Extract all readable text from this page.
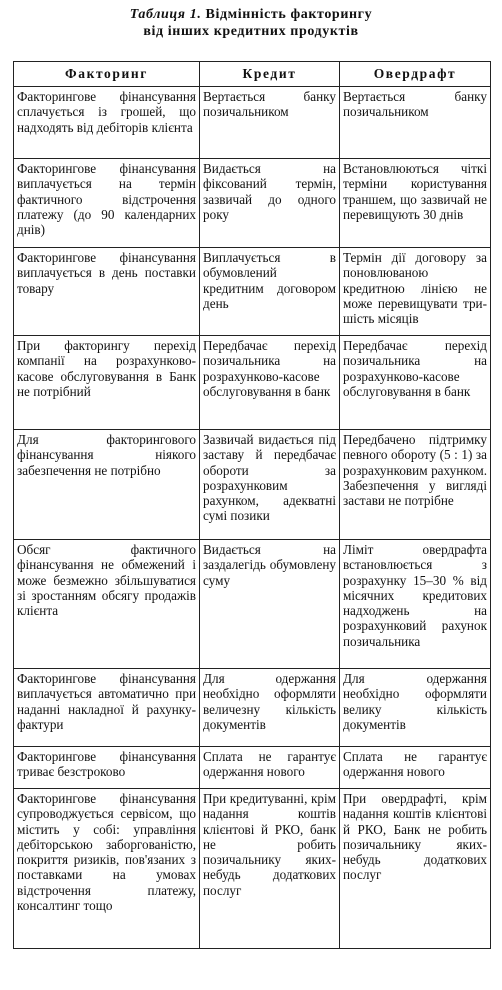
Таблиця 1. Відмінність факторингу
від інших кредитних продуктів
Факторинг	Кредит	Овердрафт
Факторингове фінансування сплачується із грошей, що надходять від дебіторів клієнта	Вертається банку позичальником	Вертається банку позичальником
Факторингове фінансування виплачується на термін фактичного відстрочення платежу (до 90 календарних днів)	Видається на фіксований термін, зазвичай до одного року	Встановлюються чіткі терміни користування траншем, що зазвичай не перевищують 30 днів
Факторингове фінансування виплачується в день поставки товару	Виплачується в обумовлений кредитним договором день	Термін дії договору за поновлюваною кредитною лінією не може перевищувати три-шість місяців
При факторингу перехід компанії на розрахунково-касове обслуговування в Банк не потрібний	Передбачає перехід позичальника на розрахунково-касове обслуговування в банк	Передбачає перехід позичальника на розрахунково-касове обслуговування в банк
Для факторингового фінансування ніякого забезпечення не потрібно	Зазвичай видається під заставу й передбачає обороти за розрахунковим рахунком, адекватні сумі позики	Передбачено підтримку певного обороту (5 : 1) за розрахунковим рахунком. Забезпечення у вигляді застави не потрібне
Обсяг фактичного фінансування не обмежений і може безмежно збільшуватися зі зростанням обсягу продажів клієнта	Видається на заздалегідь обумовлену суму	Ліміт овердрафта встановлюється з розрахунку 15–30 % від місячних кредитових надходжень на розрахунковий рахунок позичальника
Факторингове фінансування виплачується автоматично при наданні накладної й рахунку-фактури	Для одержання необхідно оформляти величезну кількість документів	Для одержання необхідно оформляти велику кількість документів
Факторингове фінансування триває безстроково	Сплата не гарантує одержання нового	Сплата не гарантує одержання нового
Факторингове фінансування супроводжується сервісом, що містить у собі: управління дебіторською заборгованістю, покриття ризиків, пов'язаних з поставками на умовах відстрочення платежу, консалтинг тощо	При кредитуванні, крім надання коштів клієнтові й РКО, банк не робить позичальнику яких-небудь додаткових послуг	При овердрафті, крім надання коштів клієнтові й РКО, Банк не робить позичальнику яких-небудь додаткових послуг
